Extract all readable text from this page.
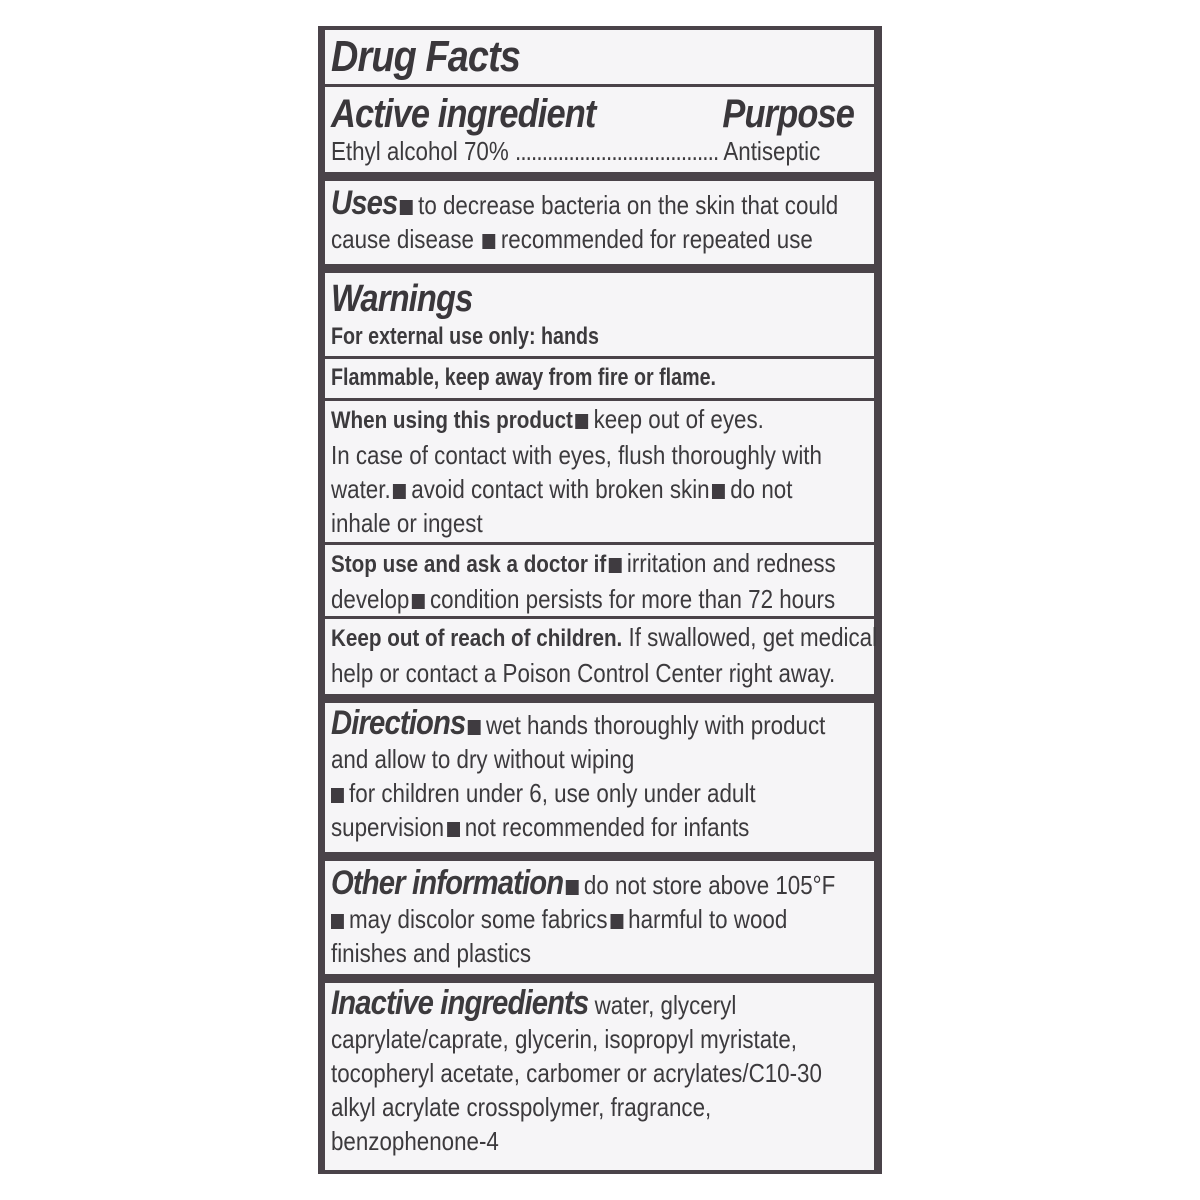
Drug Facts
Active ingredient	Purpose
Ethyl alcohol 70% ...................................... Antiseptic
Uses to decrease bacteria on the skin that could
cause disease recommended for repeated use
Warnings
For external use only: hands
Flammable, keep away from fire or flame.
When using this product keep out of eyes.
In case of contact with eyes, flush thoroughly with
water. avoid contact with broken skin do not
inhale or ingest
Stop use and ask a doctor if irritation and redness
develop condition persists for more than 72 hours
Keep out of reach of children. If swallowed, get medical
help or contact a Poison Control Center right away.
Directions wet hands thoroughly with product
and allow to dry without wiping
for children under 6, use only under adult
supervision not recommended for infants
Other information do not store above 105°F
may discolor some fabrics harmful to wood
finishes and plastics
Inactive ingredients water, glyceryl
caprylate/caprate, glycerin, isopropyl myristate,
tocopheryl acetate, carbomer or acrylates/C10-30
alkyl acrylate crosspolymer, fragrance,
benzophenone-4
